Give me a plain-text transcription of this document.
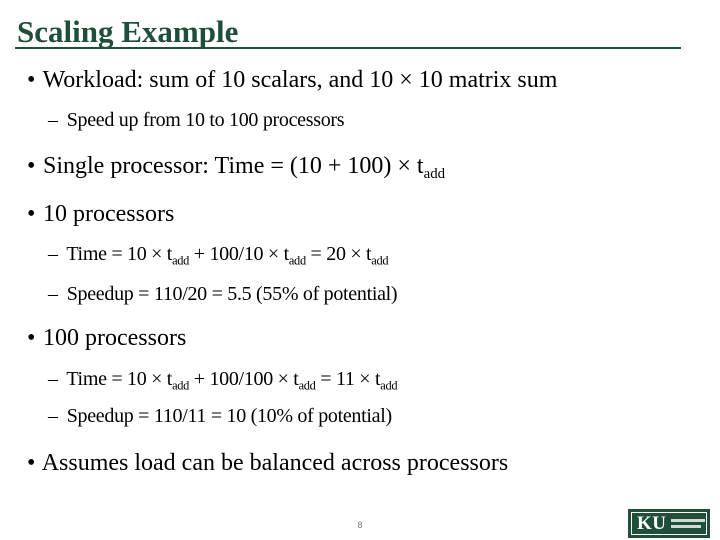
Scaling Example
• Workload: sum of 10 scalars, and 10 × 10 matrix sum
– Speed up from 10 to 100 processors
• Single processor: Time = $(10 + 100) \times t_{add}$
• 10 processors
– Time = $10 \times t_{add} + 100/10 \times t_{add} = 20 \times t_{add}$
– Speedup = 110/20 = 5.5 (55% of potential)
• 100 processors
– Time = $10 \times t_{add} + 100/100 \times t_{add} = 11 \times t_{add}$
– Speedup = 110/11 = 10 (10% of potential)
• Assumes load can be balanced across processors
8	KU
